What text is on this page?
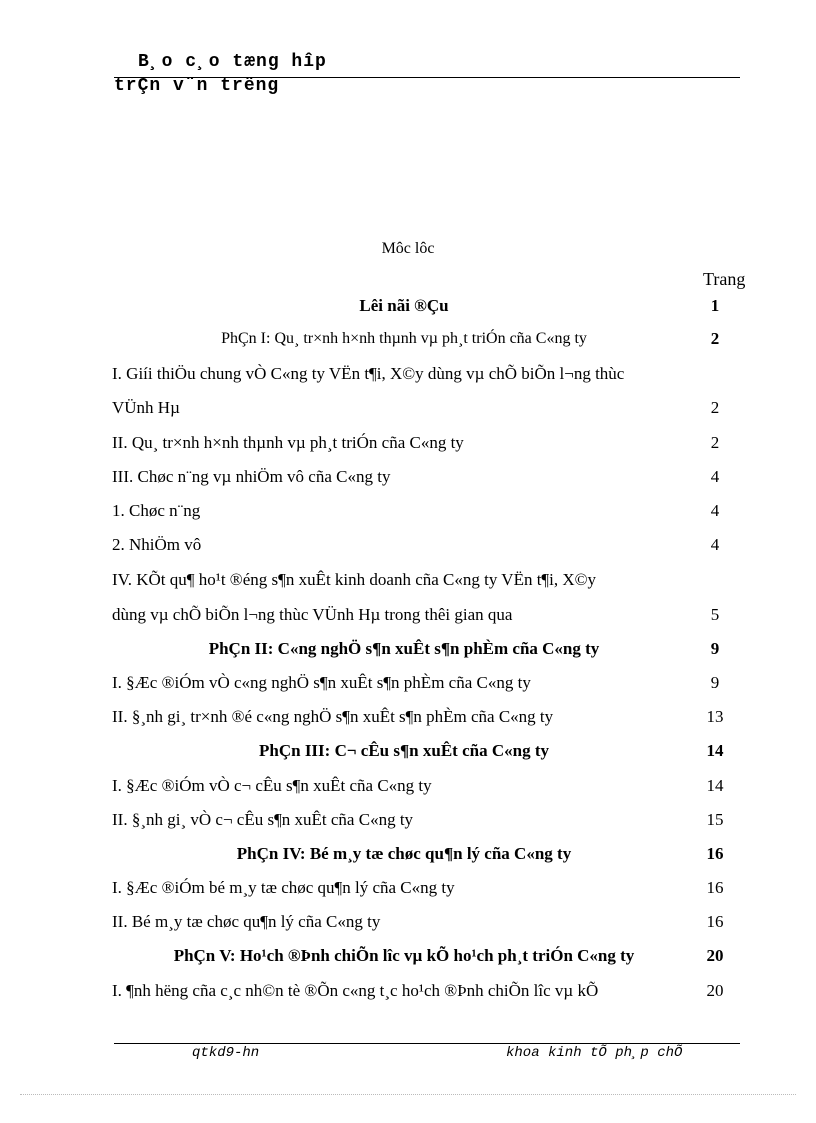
B¸o c¸o tæng hîp
trÇn v¨n trëng
Môc lôc
Trang
Lêi nãi ®Çu	1
PhÇn I: Qu¸ tr×nh h×nh thµnh vµ ph¸t triÓn cña C«ng ty	2
I. Giíi thiÖu chung vÒ C«ng ty VËn t¶i, X©y dùng vµ chÕ biÕn l¬ng thùc
VÜnh Hµ	2
II. Qu¸ tr×nh h×nh thµnh vµ ph¸t triÓn cña C«ng ty	2
III. Chøc n¨ng vµ nhiÖm vô cña C«ng ty	4
1. Chøc n¨ng	4
2. NhiÖm vô	4
IV. KÕt qu¶ ho¹t ®éng s¶n xuÊt kinh doanh cña C«ng ty VËn t¶i, X©y
dùng vµ chÕ biÕn l¬ng thùc VÜnh Hµ trong thêi gian qua	5
PhÇn II: C«ng nghÖ s¶n xuÊt s¶n phÈm cña C«ng ty	9
I. §Æc ®iÓm vÒ c«ng nghÖ s¶n xuÊt s¶n phÈm cña C«ng ty	9
II. §¸nh gi¸ tr×nh ®é c«ng nghÖ s¶n xuÊt s¶n phÈm cña C«ng ty	13
PhÇn III: C¬ cÊu s¶n xuÊt cña C«ng ty	14
I. §Æc ®iÓm vÒ c¬ cÊu s¶n xuÊt cña C«ng ty	14
II. §¸nh gi¸ vÒ c¬ cÊu s¶n xuÊt cña C«ng ty	15
PhÇn IV: Bé m¸y tæ chøc qu¶n lý cña C«ng ty	16
I. §Æc ®iÓm bé m¸y tæ chøc qu¶n lý cña C«ng ty	16
II. Bé m¸y tæ chøc qu¶n lý cña C«ng ty	16
PhÇn V: Ho¹ch ®Þnh chiÕn lîc vµ kÕ ho¹ch ph¸t triÓn C«ng ty	20
I. ¶nh hëng cña c¸c nh©n tè ®Õn c«ng t¸c ho¹ch ®Þnh chiÕn lîc vµ kÕ	20
qtkd9-hn	khoa kinh tÕ ph¸p chÕ
